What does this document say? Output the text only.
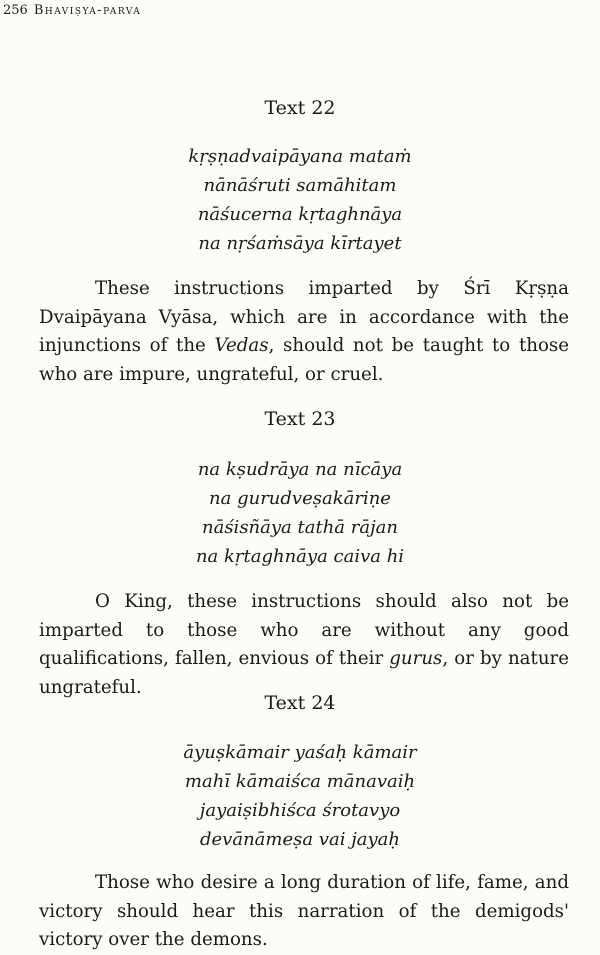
256 Bhaviṣya-parva
Text 22
kṛṣṇadvaipāyana mataṁ
nānāśruti samāhitam
nāśucerna kṛtaghnāya
na nṛśaṁsāya kīrtayet

These instructions imparted by Śrī Kṛṣṇa Dvaipāyana Vyāsa, which are in accordance with the injunctions of the Vedas, should not be taught to those who are impure, ungrateful, or cruel.

Text 23
na kṣudrāya na nīcāya
na gurudveṣakāriṇe
nāśisñāya tathā rājan
na kṛtaghnāya caiva hi

O King, these instructions should also not be imparted to those who are without any good qualifications, fallen, envious of their gurus, or by nature ungrateful.

Text 24
āyuṣkāmair yaśaḥ kāmair
mahī kāmaiśca mānavaiḥ
jayaiṣibhiśca śrotavyo
devānāmeṣa vai jayaḥ

Those who desire a long duration of life, fame, and victory should hear this narration of the demigods' victory over the demons.
